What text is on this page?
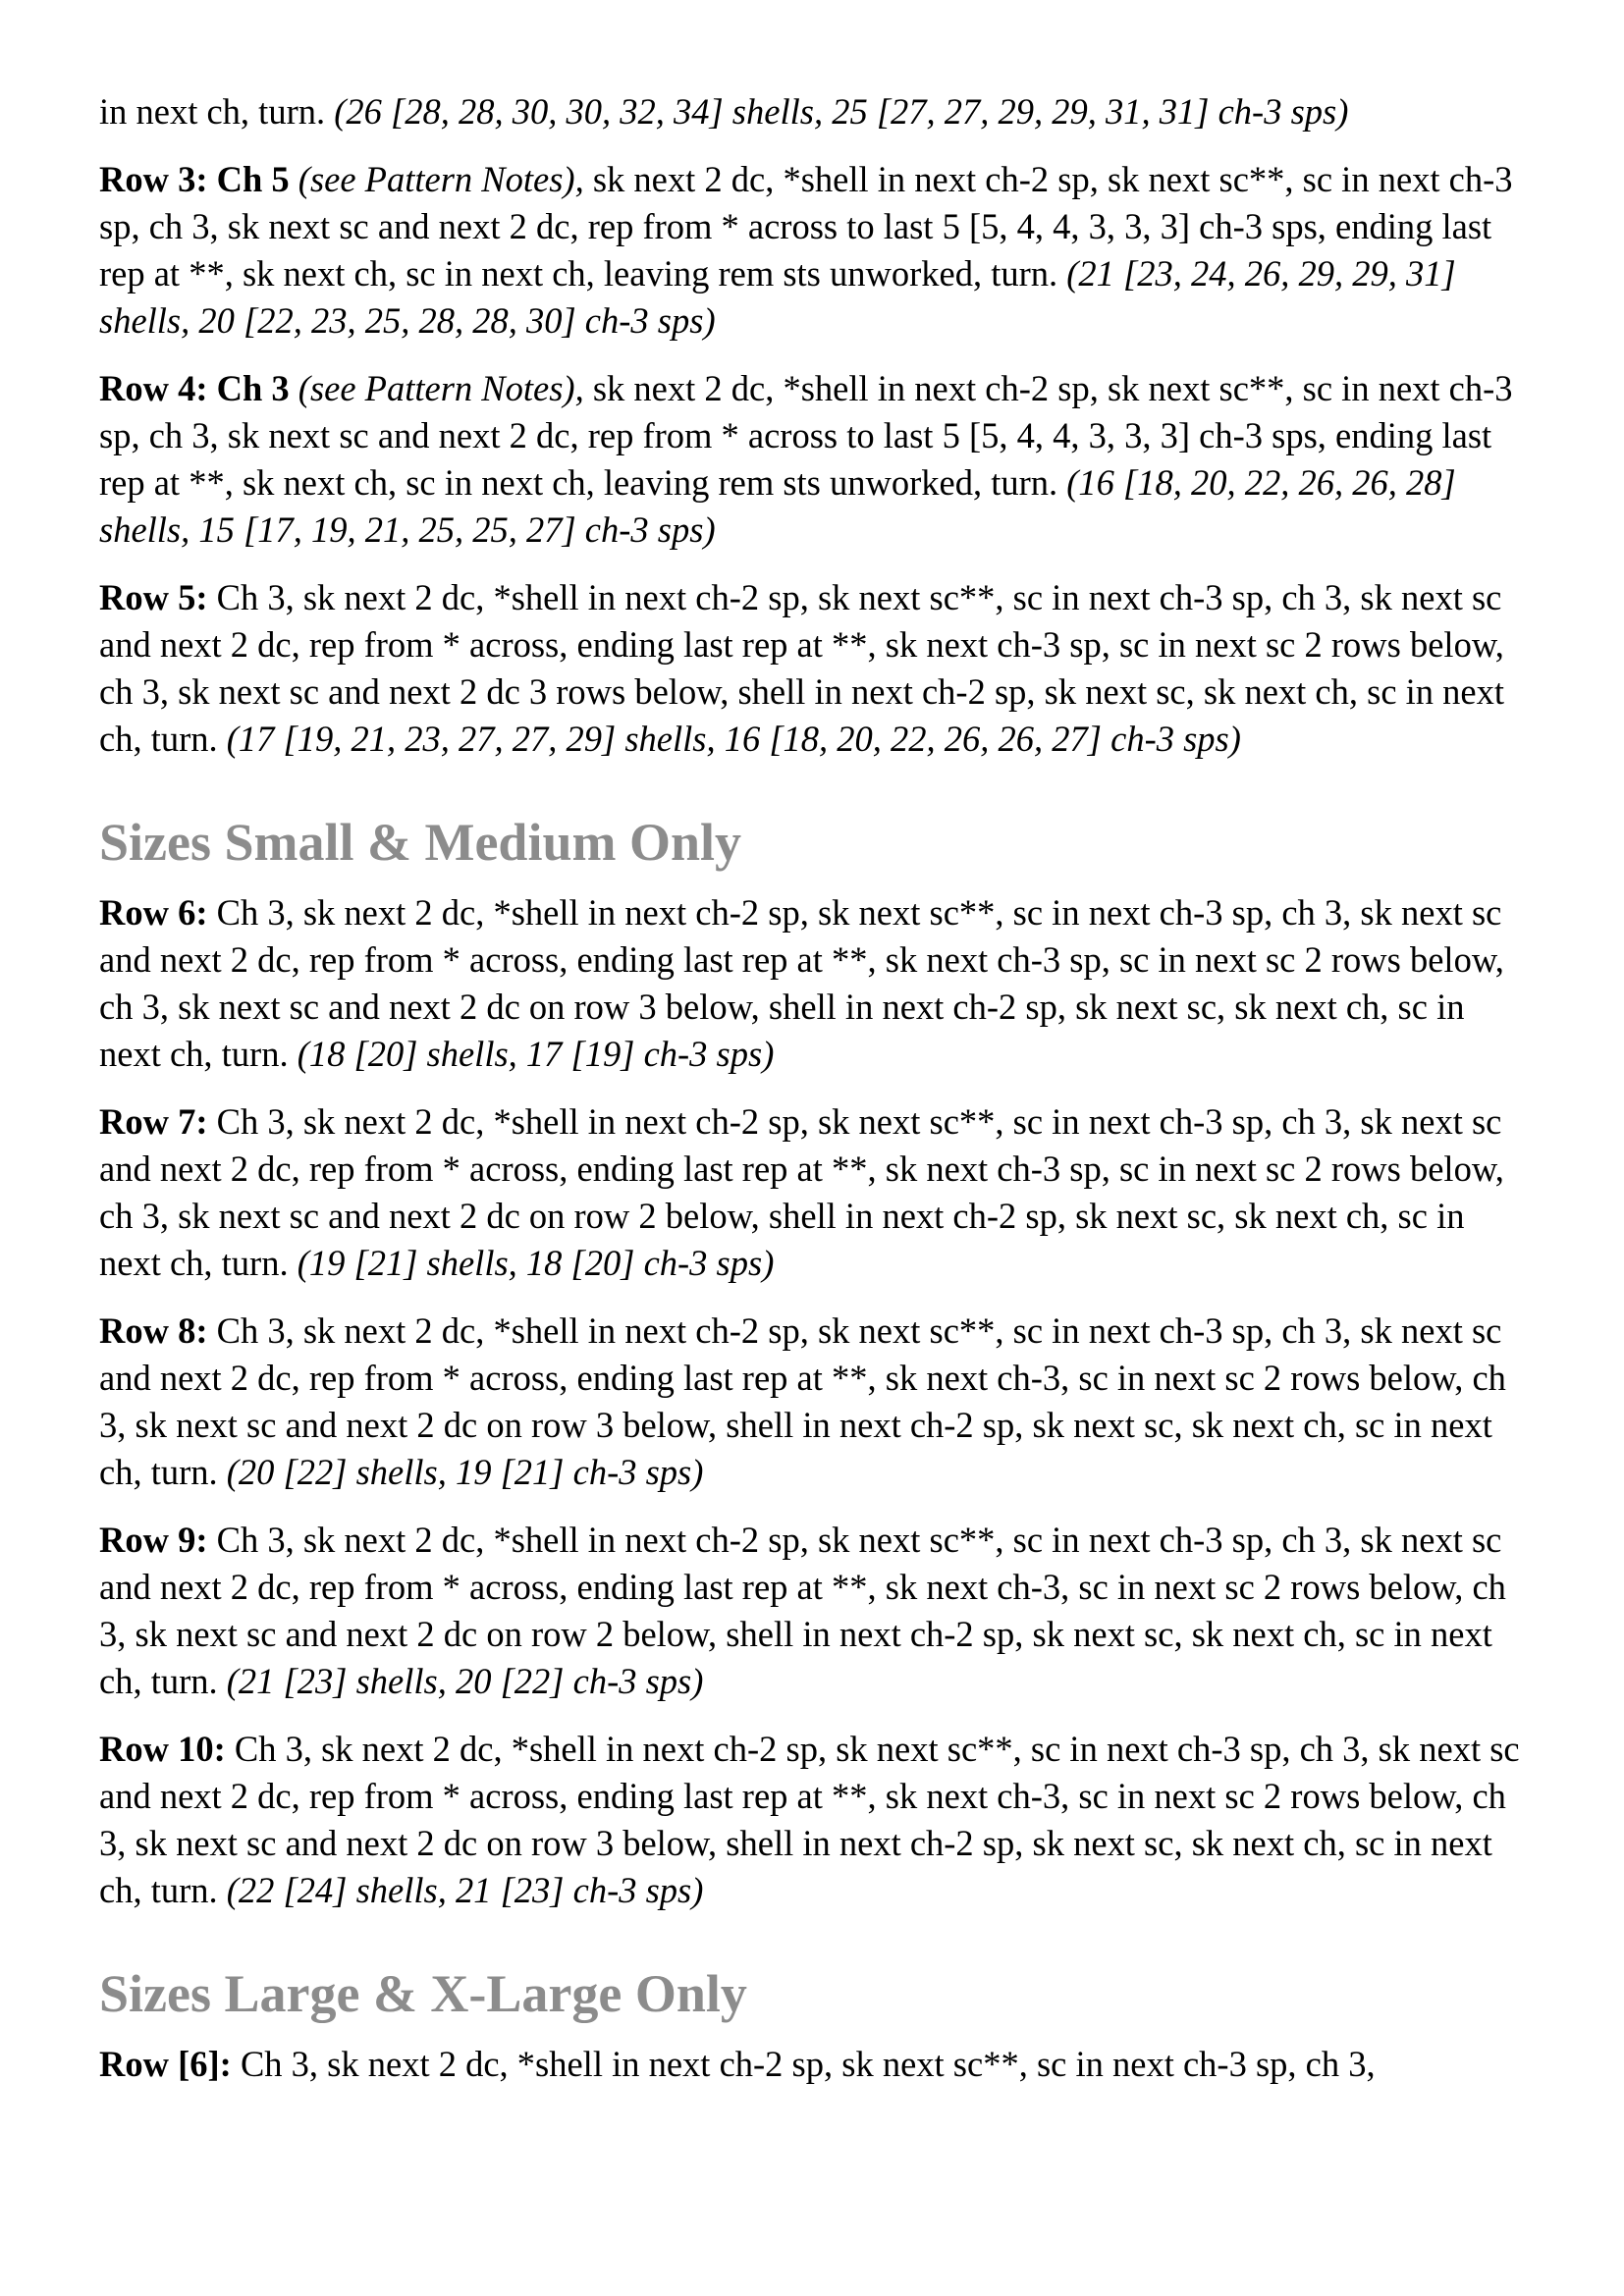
in next ch, turn. (26 [28, 28, 30, 30, 32, 34] shells, 25 [27, 27, 29, 29, 31, 31] ch-3 sps)

Row 3: Ch 5 (see Pattern Notes), sk next 2 dc, *shell in next ch-2 sp, sk next sc**, sc in next ch-3 sp, ch 3, sk next sc and next 2 dc, rep from * across to last 5 [5, 4, 4, 3, 3, 3] ch-3 sps, ending last rep at **, sk next ch, sc in next ch, leaving rem sts unworked, turn. (21 [23, 24, 26, 29, 29, 31] shells, 20 [22, 23, 25, 28, 28, 30] ch-3 sps)

Row 4: Ch 3 (see Pattern Notes), sk next 2 dc, *shell in next ch-2 sp, sk next sc**, sc in next ch-3 sp, ch 3, sk next sc and next 2 dc, rep from * across to last 5 [5, 4, 4, 3, 3, 3] ch-3 sps, ending last rep at **, sk next ch, sc in next ch, leaving rem sts unworked, turn. (16 [18, 20, 22, 26, 26, 28] shells, 15 [17, 19, 21, 25, 25, 27] ch-3 sps)

Row 5: Ch 3, sk next 2 dc, *shell in next ch-2 sp, sk next sc**, sc in next ch-3 sp, ch 3, sk next sc and next 2 dc, rep from * across, ending last rep at **, sk next ch-3 sp, sc in next sc 2 rows below, ch 3, sk next sc and next 2 dc 3 rows below, shell in next ch-2 sp, sk next sc, sk next ch, sc in next ch, turn. (17 [19, 21, 23, 27, 27, 29] shells, 16 [18, 20, 22, 26, 26, 27] ch-3 sps)

Sizes Small & Medium Only

Row 6: Ch 3, sk next 2 dc, *shell in next ch-2 sp, sk next sc**, sc in next ch-3 sp, ch 3, sk next sc and next 2 dc, rep from * across, ending last rep at **, sk next ch-3 sp, sc in next sc 2 rows below, ch 3, sk next sc and next 2 dc on row 3 below, shell in next ch-2 sp, sk next sc, sk next ch, sc in next ch, turn. (18 [20] shells, 17 [19] ch-3 sps)

Row 7: Ch 3, sk next 2 dc, *shell in next ch-2 sp, sk next sc**, sc in next ch-3 sp, ch 3, sk next sc and next 2 dc, rep from * across, ending last rep at **, sk next ch-3 sp, sc in next sc 2 rows below, ch 3, sk next sc and next 2 dc on row 2 below, shell in next ch-2 sp, sk next sc, sk next ch, sc in next ch, turn. (19 [21] shells, 18 [20] ch-3 sps)

Row 8: Ch 3, sk next 2 dc, *shell in next ch-2 sp, sk next sc**, sc in next ch-3 sp, ch 3, sk next sc and next 2 dc, rep from * across, ending last rep at **, sk next ch-3, sc in next sc 2 rows below, ch 3, sk next sc and next 2 dc on row 3 below, shell in next ch-2 sp, sk next sc, sk next ch, sc in next ch, turn. (20 [22] shells, 19 [21] ch-3 sps)

Row 9: Ch 3, sk next 2 dc, *shell in next ch-2 sp, sk next sc**, sc in next ch-3 sp, ch 3, sk next sc and next 2 dc, rep from * across, ending last rep at **, sk next ch-3, sc in next sc 2 rows below, ch 3, sk next sc and next 2 dc on row 2 below, shell in next ch-2 sp, sk next sc, sk next ch, sc in next ch, turn. (21 [23] shells, 20 [22] ch-3 sps)

Row 10: Ch 3, sk next 2 dc, *shell in next ch-2 sp, sk next sc**, sc in next ch-3 sp, ch 3, sk next sc and next 2 dc, rep from * across, ending last rep at **, sk next ch-3, sc in next sc 2 rows below, ch 3, sk next sc and next 2 dc on row 3 below, shell in next ch-2 sp, sk next sc, sk next ch, sc in next ch, turn. (22 [24] shells, 21 [23] ch-3 sps)

Sizes Large & X-Large Only

Row [6]: Ch 3, sk next 2 dc, *shell in next ch-2 sp, sk next sc**, sc in next ch-3 sp, ch 3,
